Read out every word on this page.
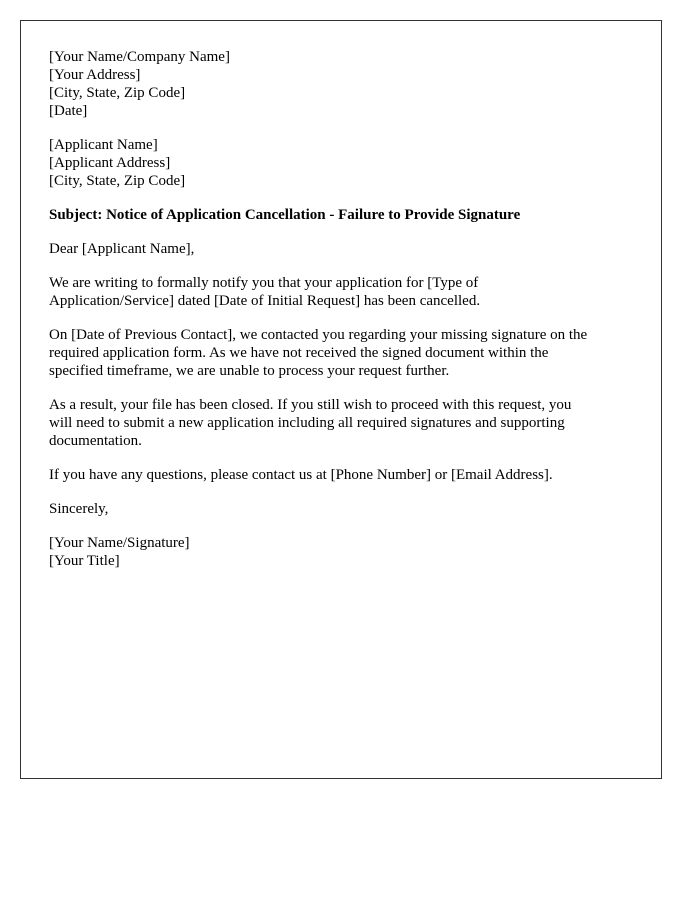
[Your Name/Company Name]
[Your Address]
[City, State, Zip Code]
[Date]
[Applicant Name]
[Applicant Address]
[City, State, Zip Code]
Subject: Notice of Application Cancellation - Failure to Provide Signature
Dear [Applicant Name],
We are writing to formally notify you that your application for [Type of
Application/Service] dated [Date of Initial Request] has been cancelled.
On [Date of Previous Contact], we contacted you regarding your missing signature on the
required application form. As we have not received the signed document within the
specified timeframe, we are unable to process your request further.
As a result, your file has been closed. If you still wish to proceed with this request, you
will need to submit a new application including all required signatures and supporting
documentation.
If you have any questions, please contact us at [Phone Number] or [Email Address].
Sincerely,
[Your Name/Signature]
[Your Title]
